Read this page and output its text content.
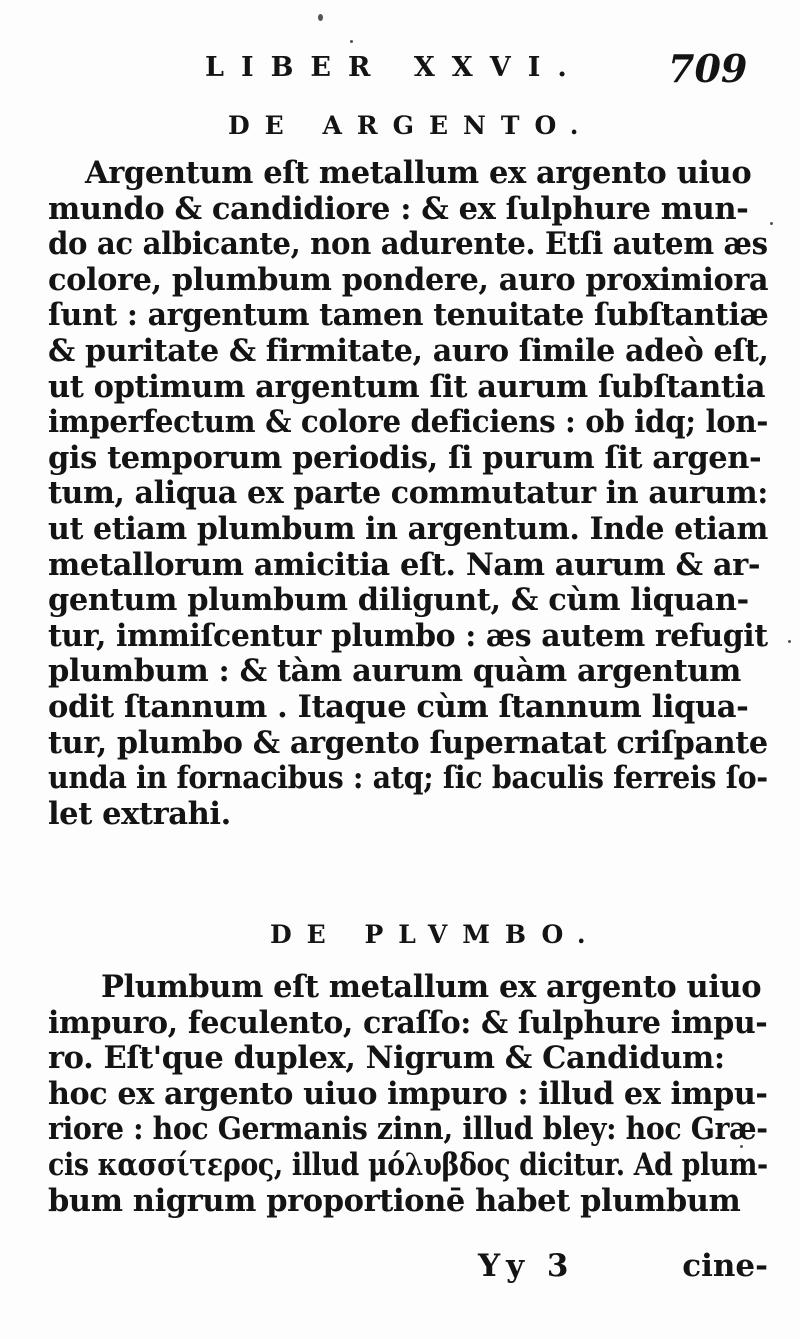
LIBER XXVI. 709
DE ARGENTO.
Argentum eſt metallum ex argento uiuo
mundo & candidiore : & ex ſulphure mun-
do ac albicante, non adurente. Etſi autem æs
colore, plumbum pondere, auro proximiora
ſunt : argentum tamen tenuitate ſubſtantiæ
& puritate & firmitate, auro ſimile adeò eſt,
ut optimum argentum ſit aurum ſubſtantia
imperfectum & colore deficiens : ob idq; lon-
gis temporum periodis, ſi purum ſit argen-
tum, aliqua ex parte commutatur in aurum:
ut etiam plumbum in argentum. Inde etiam
metallorum amicitia eſt. Nam aurum & ar-
gentum plumbum diligunt, & cùm liquan-
tur, immiſcentur plumbo : æs autem refugit
plumbum : & tàm aurum quàm argentum
odit ſtannum . Itaque cùm ſtannum liqua-
tur, plumbo & argento ſupernatat criſpante
unda in fornacibus : atq; ſic baculis ferreis ſo-
let extrahi.
DE PLVMBO.
Plumbum eſt metallum ex argento uiuo
impuro, feculento, craſſo: & ſulphure impu-
ro. Eſt'que duplex, Nigrum & Candidum:
hoc ex argento uiuo impuro : illud ex impu-
riore : hoc Germanis zinn, illud bley: hoc Græ-
cis κασσίτερος, illud μόλυβδος dicitur. Ad plum-
bum nigrum proportionē habet plumbum
Yy 3	cine-
